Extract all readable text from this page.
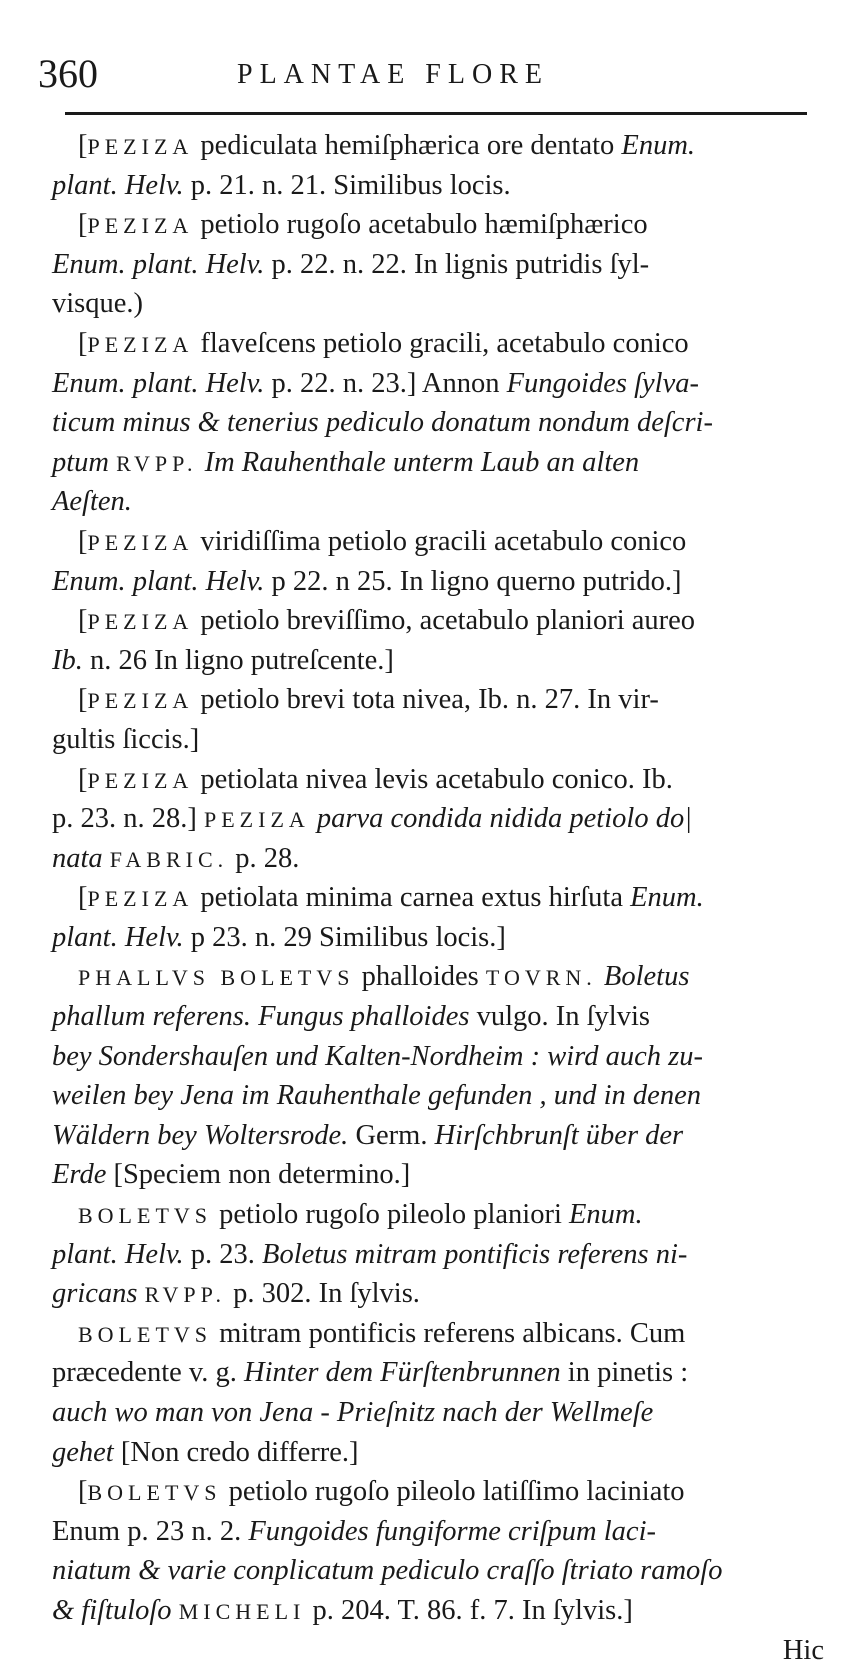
360	PLANTAE FLORE
[PEZIZA pediculata hemiſphærica ore dentato Enum.
plant. Helv. p. 21. n. 21. Similibus locis.
[PEZIZA petiolo rugoſo acetabulo hæmiſphærico
Enum. plant. Helv. p. 22. n. 22. In lignis putridis ſyl-
visque.)
[PEZIZA flaveſcens petiolo gracili, acetabulo conico
Enum. plant. Helv. p. 22. n. 23.] Annon Fungoides ſylva-
ticum minus & tenerius pediculo donatum nondum deſcri-
ptum RVPP. Im Rauhenthale unterm Laub an alten
Aeſten.
[PEZIZA viridiſſima petiolo gracili acetabulo conico
Enum. plant. Helv. p 22. n 25. In ligno querno putrido.]
[PEZIZA petiolo breviſſimo, acetabulo planiori aureo
Ib. n. 26 In ligno putreſcente.]
[PEZIZA petiolo brevi tota nivea, Ib. n. 27. In vir-
gultis ſiccis.]
[PEZIZA petiolata nivea levis acetabulo conico. Ib.
p. 23. n. 28.] PEZIZA parva condida nidida petiolo do|
nata FABRIC. p. 28.
[PEZIZA petiolata minima carnea extus hirſuta Enum.
plant. Helv. p 23. n. 29 Similibus locis.]
PHALLVS BOLETVS phalloides TOVRN. Boletus
phallum referens. Fungus phalloides vulgo. In ſylvis
bey Sondershauſen und Kalten-Nordheim : wird auch zu-
weilen bey Jena im Rauhenthale gefunden , und in denen
Wäldern bey Woltersrode. Germ. Hirſchbrunſt über der
Erde [Speciem non determino.]
BOLETVS petiolo rugoſo pileolo planiori Enum.
plant. Helv. p. 23. Boletus mitram pontificis referens ni-
gricans RVPP. p. 302. In ſylvis.
BOLETVS mitram pontificis referens albicans. Cum
præcedente v. g. Hinter dem Fürſtenbrunnen in pinetis :
auch wo man von Jena - Prieſnitz nach der Wellmeſe
gehet [Non credo differre.]
[BOLETVS petiolo rugoſo pileolo latiſſimo laciniato
Enum p. 23 n. 2. Fungoides fungiforme criſpum laci-
niatum & varie conplicatum pediculo craſſo ſtriato ramoſo
& fiſtuloſo MICHELI p. 204. T. 86. f. 7. In ſylvis.]
Hic
